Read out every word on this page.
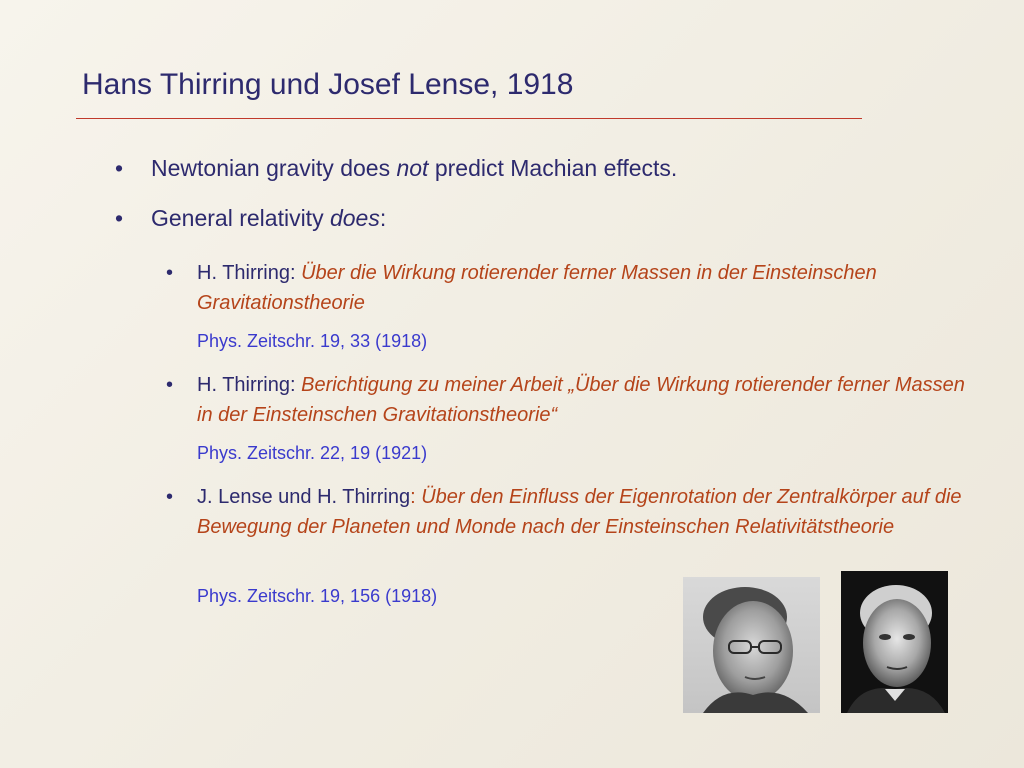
Hans Thirring und Josef Lense, 1918
• Newtonian gravity does not predict Machian effects.
• General relativity does:
• H. Thirring: Über die Wirkung rotierender ferner Massen in der Einsteinschen Gravitationstheorie
Phys. Zeitschr. 19, 33 (1918)
• H. Thirring: Berichtigung zu meiner Arbeit „Über die Wirkung rotierender ferner Massen in der Einsteinschen Gravitationstheorie“
Phys. Zeitschr. 22, 19 (1921)
• J. Lense und H. Thirring: Über den Einfluss der Eigenrotation der Zentralkörper auf die Bewegung der Planeten und Monde nach der Einsteinschen Relativitätstheorie
Phys. Zeitschr. 19, 156 (1918)
